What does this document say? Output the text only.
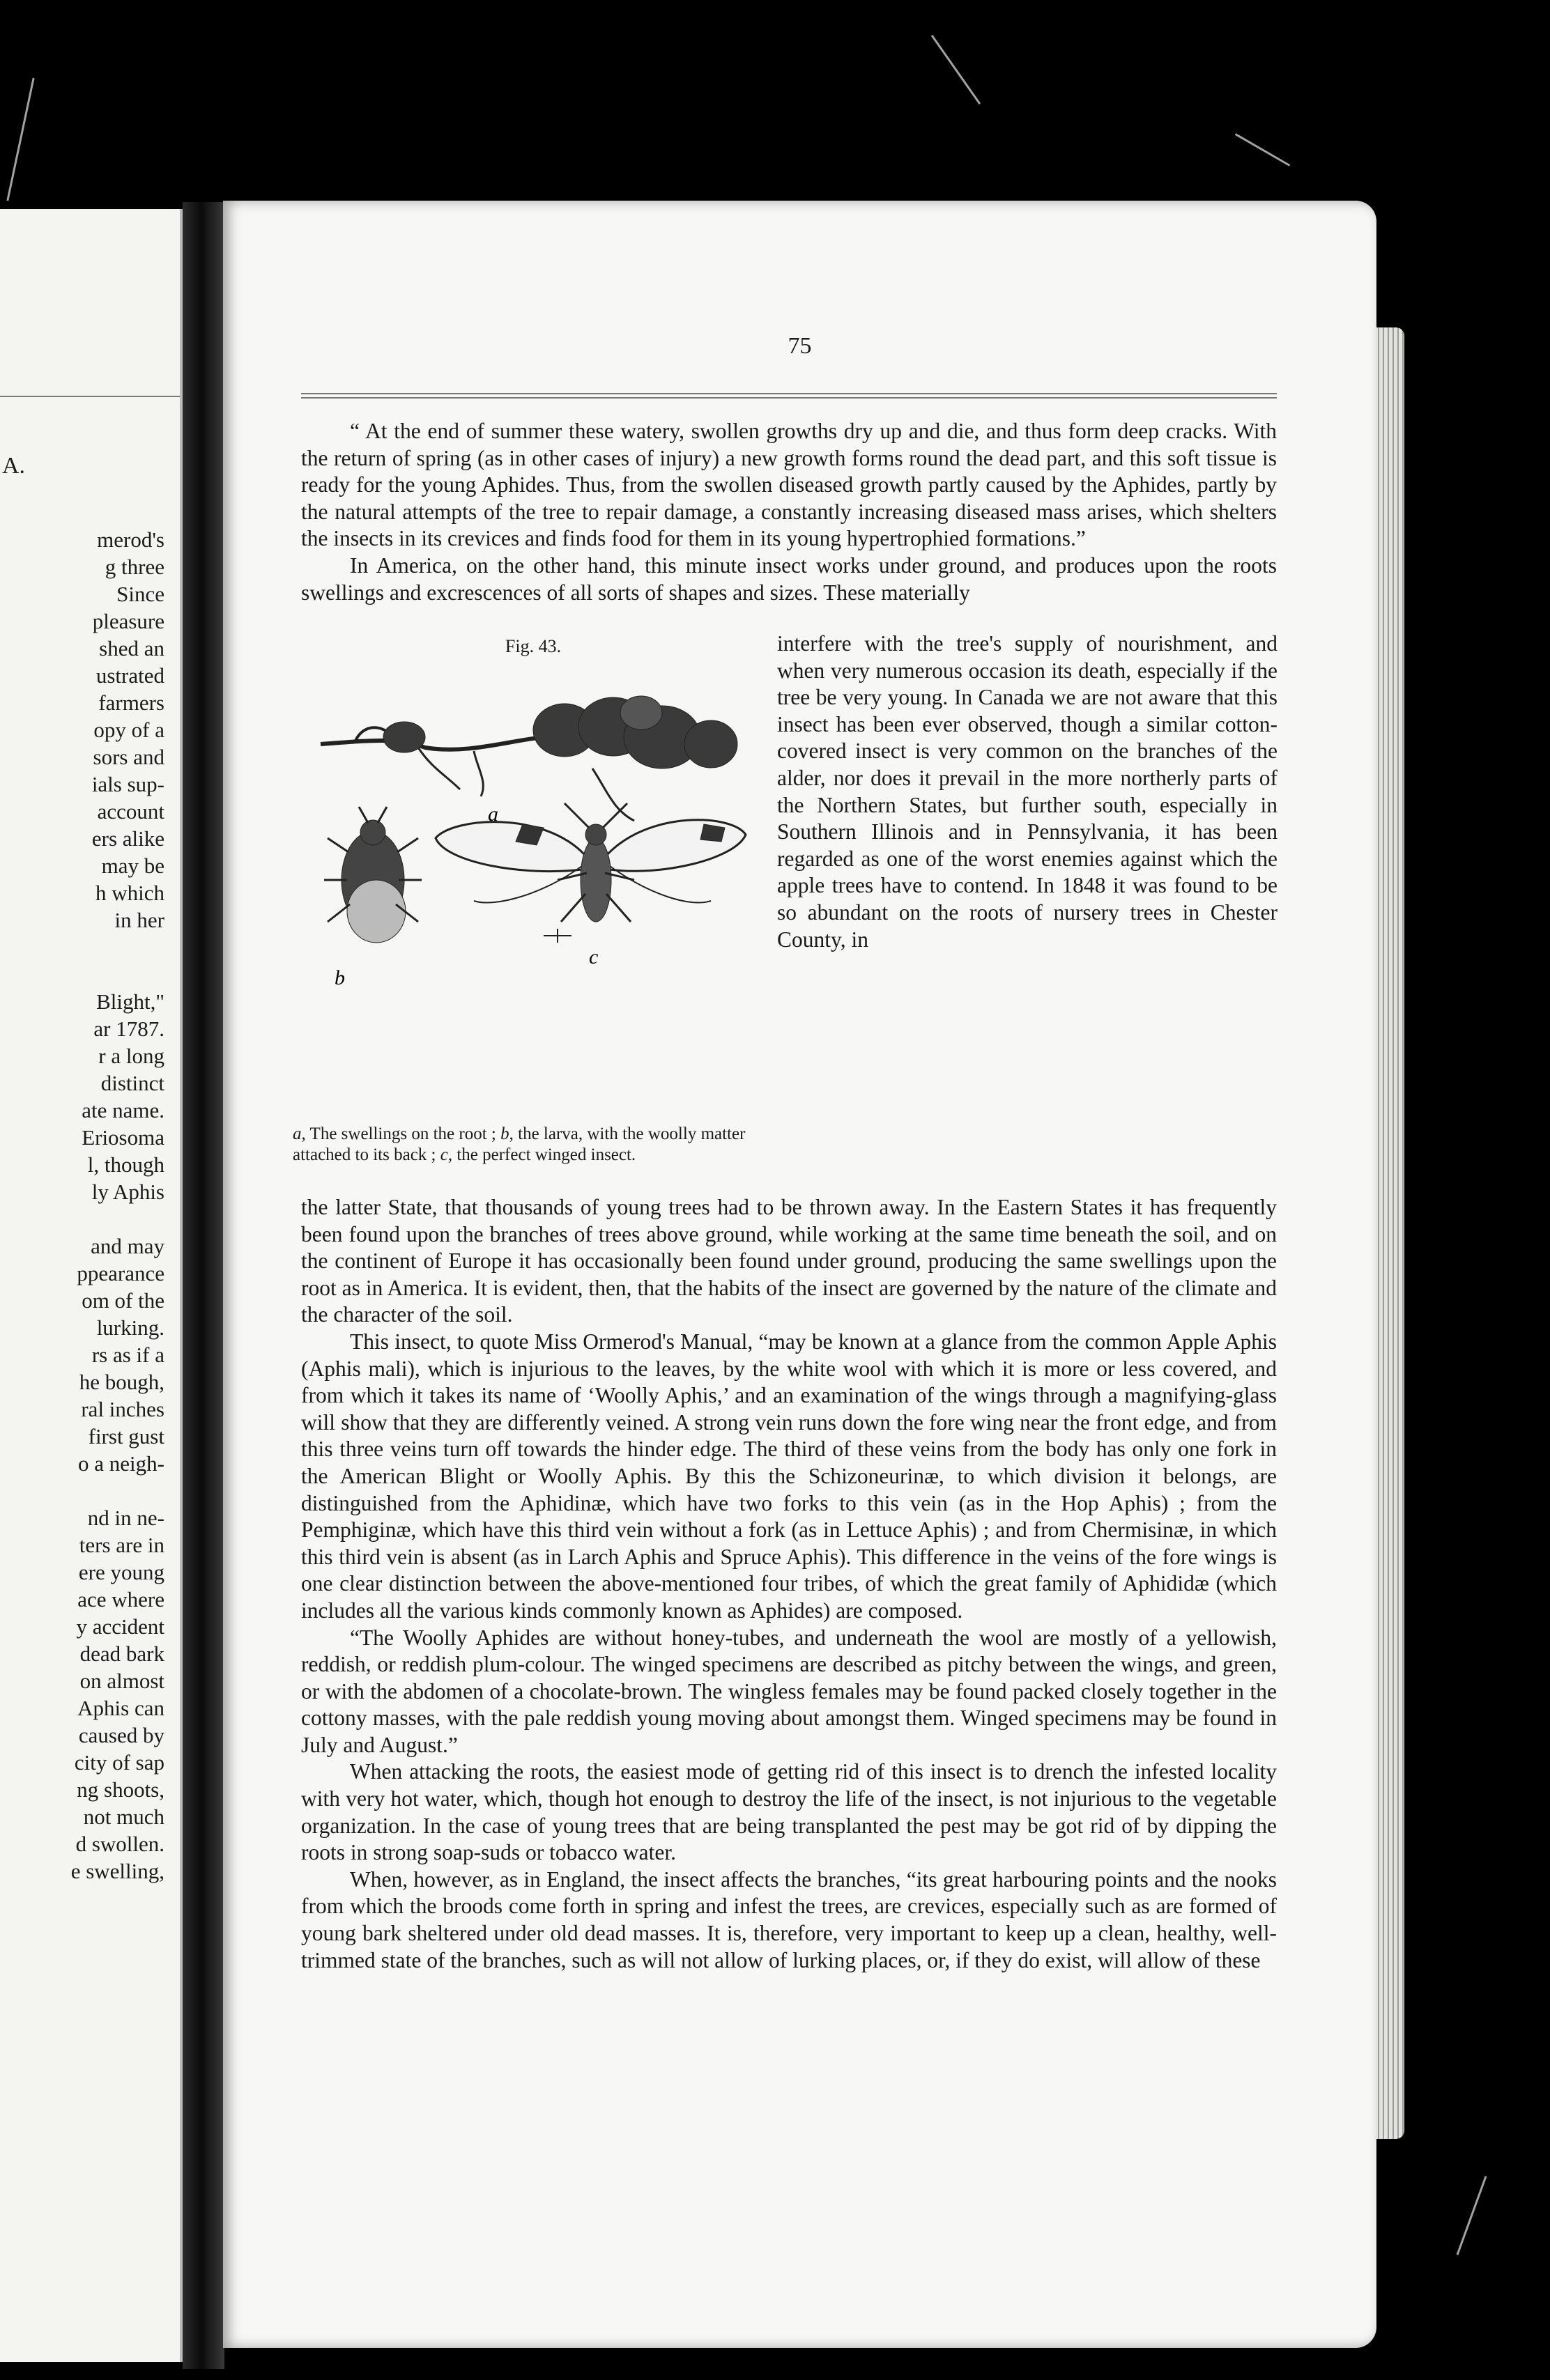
A.
merod's
g three
Since
pleasure
shed an
ustrated
farmers
opy of a
sors and
ials sup-
account
ers alike
may be
h which
in her
Blight,"
ar 1787.
r a long
distinct
ate name.
Eriosoma
l, though
ly Aphis
and may
ppearance
om of the
lurking.
rs as if a
he bough,
ral inches
first gust
o a neigh-
nd in ne-
ters are in
ere young
ace where
y accident
dead bark
on almost
Aphis can
caused by
city of sap
ng shoots,
not much
d swollen.
e swelling,
75

“ At the end of summer these watery, swollen growths dry up and die, and thus form deep cracks. With the return of spring (as in other cases of injury) a new growth forms round the dead part, and this soft tissue is ready for the young Aphides. Thus, from the swollen diseased growth partly caused by the Aphides, partly by the natural attempts of the tree to repair damage, a constantly increasing diseased mass arises, which shelters the insects in its crevices and finds food for them in its young hypertrophied formations.”

In America, on the other hand, this minute insect works under ground, and produces upon the roots swellings and excrescences of all sorts of shapes and sizes. These materially

Fig. 43.
a
b
c
a, The swellings on the root ; b, the larva, with the woolly matter attached to its back ; c, the perfect winged insect.

interfere with the tree's supply of nourishment, and when very numerous occasion its death, especially if the tree be very young. In Canada we are not aware that this insect has been ever observed, though a similar cotton-covered insect is very common on the branches of the alder, nor does it prevail in the more northerly parts of the Northern States, but further south, especially in Southern Illinois and in Pennsylvania, it has been regarded as one of the worst enemies against which the apple trees have to contend. In 1848 it was found to be so abundant on the roots of nursery trees in Chester County, in

the latter State, that thousands of young trees had to be thrown away. In the Eastern States it has frequently been found upon the branches of trees above ground, while working at the same time beneath the soil, and on the continent of Europe it has occasionally been found under ground, producing the same swellings upon the root as in America. It is evident, then, that the habits of the insect are governed by the nature of the climate and the character of the soil.

This insect, to quote Miss Ormerod's Manual, “may be known at a glance from the common Apple Aphis (Aphis mali), which is injurious to the leaves, by the white wool with which it is more or less covered, and from which it takes its name of ‘Woolly Aphis,’ and an examination of the wings through a magnifying-glass will show that they are differently veined. A strong vein runs down the fore wing near the front edge, and from this three veins turn off towards the hinder edge. The third of these veins from the body has only one fork in the American Blight or Woolly Aphis. By this the Schizoneurinæ, to which division it belongs, are distinguished from the Aphidinæ, which have two forks to this vein (as in the Hop Aphis) ; from the Pemphiginæ, which have this third vein without a fork (as in Lettuce Aphis) ; and from Chermisinæ, in which this third vein is absent (as in Larch Aphis and Spruce Aphis). This difference in the veins of the fore wings is one clear distinction between the above-mentioned four tribes, of which the great family of Aphididæ (which includes all the various kinds commonly known as Aphides) are composed.

“The Woolly Aphides are without honey-tubes, and underneath the wool are mostly of a yellowish, reddish, or reddish plum-colour. The winged specimens are described as pitchy between the wings, and green, or with the abdomen of a chocolate-brown. The wingless females may be found packed closely together in the cottony masses, with the pale reddish young moving about amongst them. Winged specimens may be found in July and August.”

When attacking the roots, the easiest mode of getting rid of this insect is to drench the infested locality with very hot water, which, though hot enough to destroy the life of the insect, is not injurious to the vegetable organization. In the case of young trees that are being transplanted the pest may be got rid of by dipping the roots in strong soap-suds or tobacco water.

When, however, as in England, the insect affects the branches, “its great harbouring points and the nooks from which the broods come forth in spring and infest the trees, are crevices, especially such as are formed of young bark sheltered under old dead masses. It is, therefore, very important to keep up a clean, healthy, well-trimmed state of the branches, such as will not allow of lurking places, or, if they do exist, will allow of these
